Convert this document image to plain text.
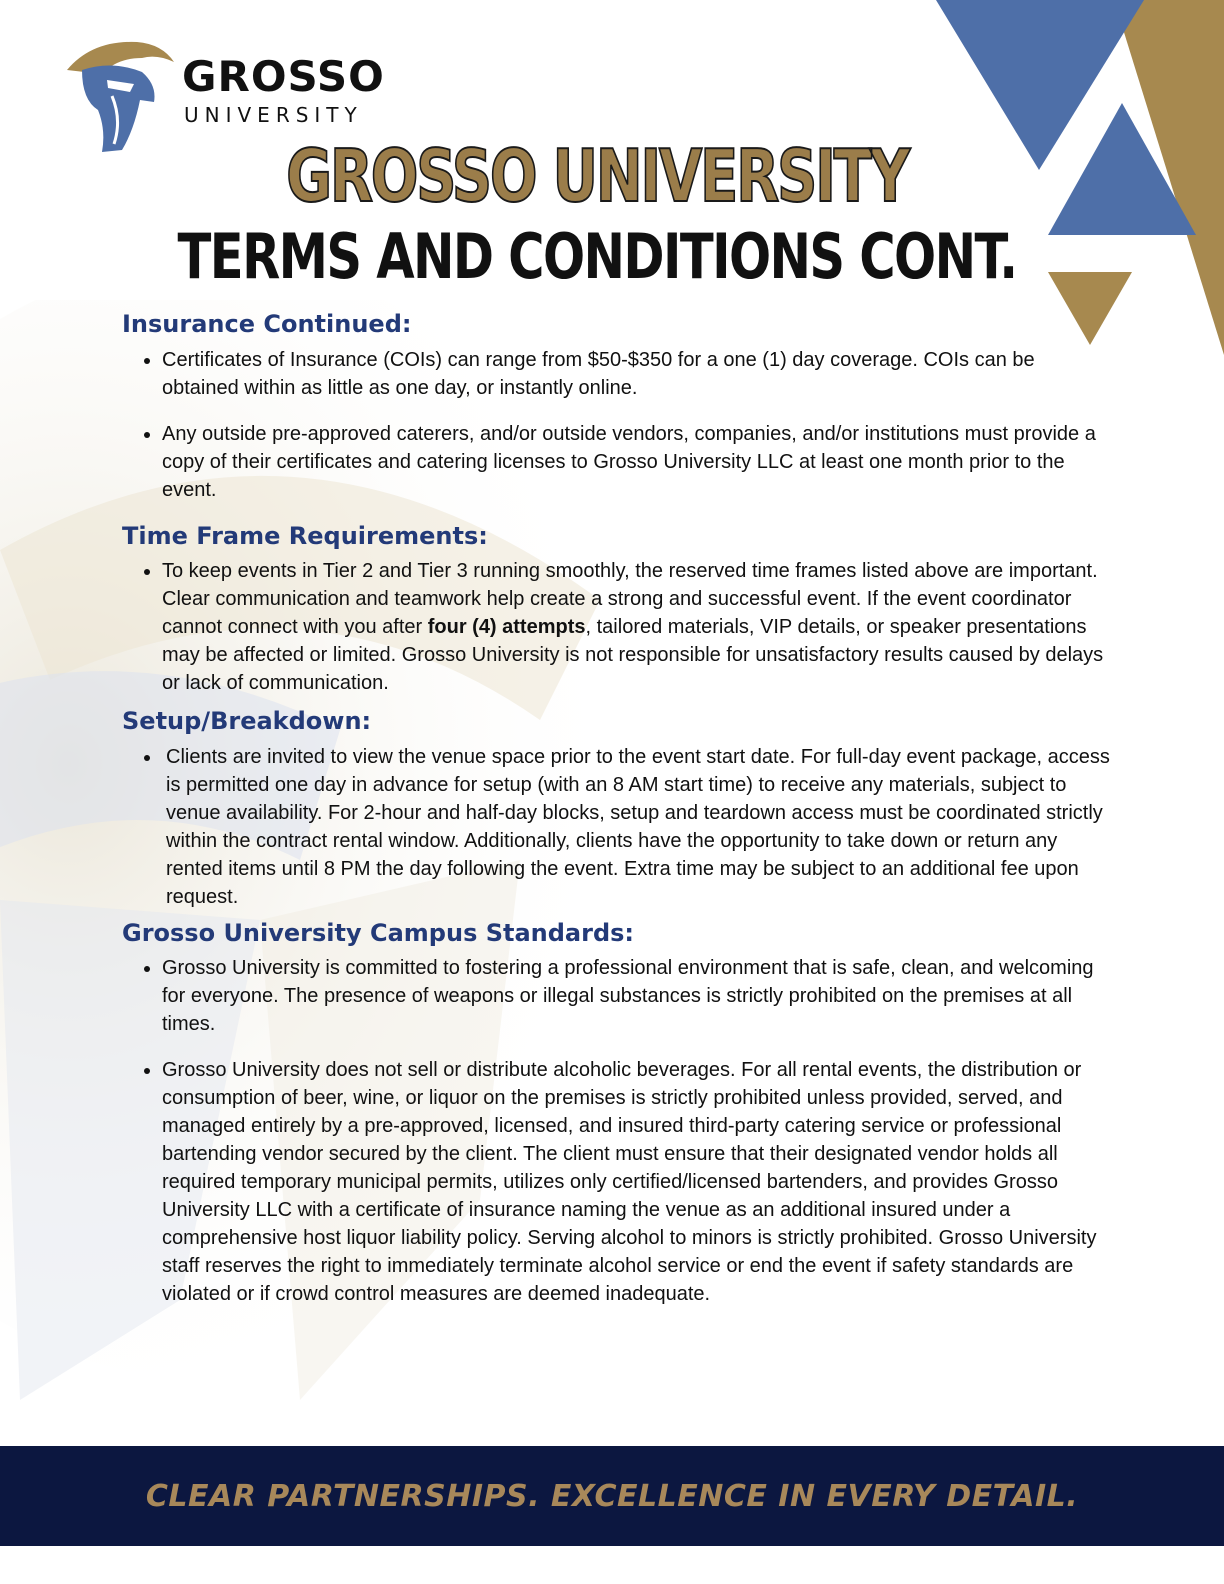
GROSSO
UNIVERSITY
GROSSO UNIVERSITY
TERMS AND CONDITIONS CONT.
Insurance Continued:
• Certificates of Insurance (COIs) can range from $50-$350 for a one (1) day coverage. COIs can be obtained within as little as one day, or instantly online.
• Any outside pre-approved caterers, and/or outside vendors, companies, and/or institutions must provide a copy of their certificates and catering licenses to Grosso University LLC at least one month prior to the event.
Time Frame Requirements:
• To keep events in Tier 2 and Tier 3 running smoothly, the reserved time frames listed above are important. Clear communication and teamwork help create a strong and successful event. If the event coordinator cannot connect with you after four (4) attempts, tailored materials, VIP details, or speaker presentations may be affected or limited. Grosso University is not responsible for unsatisfactory results caused by delays or lack of communication.
Setup/Breakdown:
• Clients are invited to view the venue space prior to the event start date. For full-day event package, access is permitted one day in advance for setup (with an 8 AM start time) to receive any materials, subject to venue availability. For 2-hour and half-day blocks, setup and teardown access must be coordinated strictly within the contract rental window. Additionally, clients have the opportunity to take down or return any rented items until 8 PM the day following the event. Extra time may be subject to an additional fee upon request.
Grosso University Campus Standards:
• Grosso University is committed to fostering a professional environment that is safe, clean, and welcoming for everyone. The presence of weapons or illegal substances is strictly prohibited on the premises at all times.
• Grosso University does not sell or distribute alcoholic beverages. For all rental events, the distribution or consumption of beer, wine, or liquor on the premises is strictly prohibited unless provided, served, and managed entirely by a pre-approved, licensed, and insured third-party catering service or professional bartending vendor secured by the client. The client must ensure that their designated vendor holds all required temporary municipal permits, utilizes only certified/licensed bartenders, and provides Grosso University LLC with a certificate of insurance naming the venue as an additional insured under a comprehensive host liquor liability policy. Serving alcohol to minors is strictly prohibited. Grosso University staff reserves the right to immediately terminate alcohol service or end the event if safety standards are violated or if crowd control measures are deemed inadequate.
CLEAR PARTNERSHIPS. EXCELLENCE IN EVERY DETAIL.
